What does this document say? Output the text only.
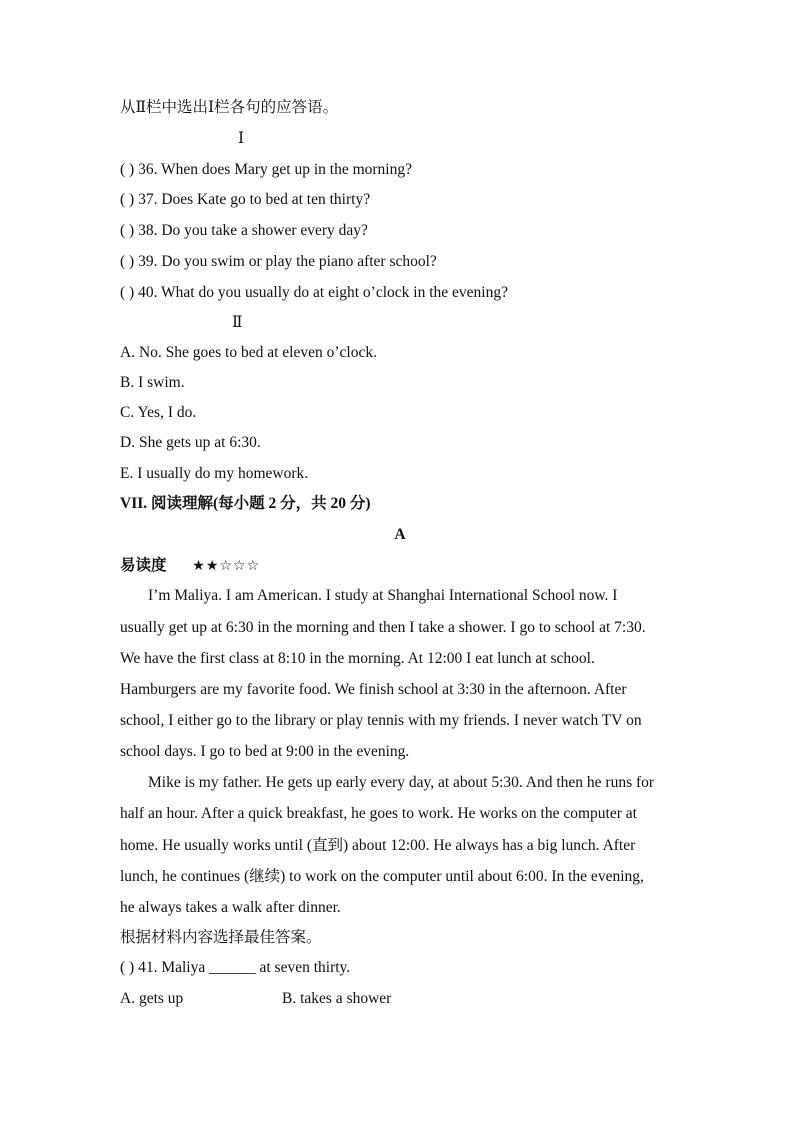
从Ⅱ栏中选出Ⅰ栏各句的应答语。
Ⅰ
( ) 36. When does Mary get up in the morning?
( ) 37. Does Kate go to bed at ten thirty?
( ) 38. Do you take a shower every day?
( ) 39. Do you swim or play the piano after school?
( ) 40. What do you usually do at eight o’clock in the evening?
Ⅱ
A. No. She goes to bed at eleven o’clock.
B. I swim.
C. Yes, I do.
D. She gets up at 6:30.
E. I usually do my homework.
VII. 阅读理解(每小题 2 分，共 20 分)
A
易读度 ★★☆☆☆
I’m Maliya. I am American. I study at Shanghai International School now. I
usually get up at 6:30 in the morning and then I take a shower. I go to school at 7:30.
We have the first class at 8:10 in the morning. At 12:00 I eat lunch at school.
Hamburgers are my favorite food. We finish school at 3:30 in the afternoon. After
school, I either go to the library or play tennis with my friends. I never watch TV on
school days. I go to bed at 9:00 in the evening.
Mike is my father. He gets up early every day, at about 5:30. And then he runs for
half an hour. After a quick breakfast, he goes to work. He works on the computer at
home. He usually works until (直到) about 12:00. He always has a big lunch. After
lunch, he continues (继续) to work on the computer until about 6:00. In the evening,
he always takes a walk after dinner.
根据材料内容选择最佳答案。
( ) 41. Maliya ______ at seven thirty.
A. gets up	B. takes a shower
